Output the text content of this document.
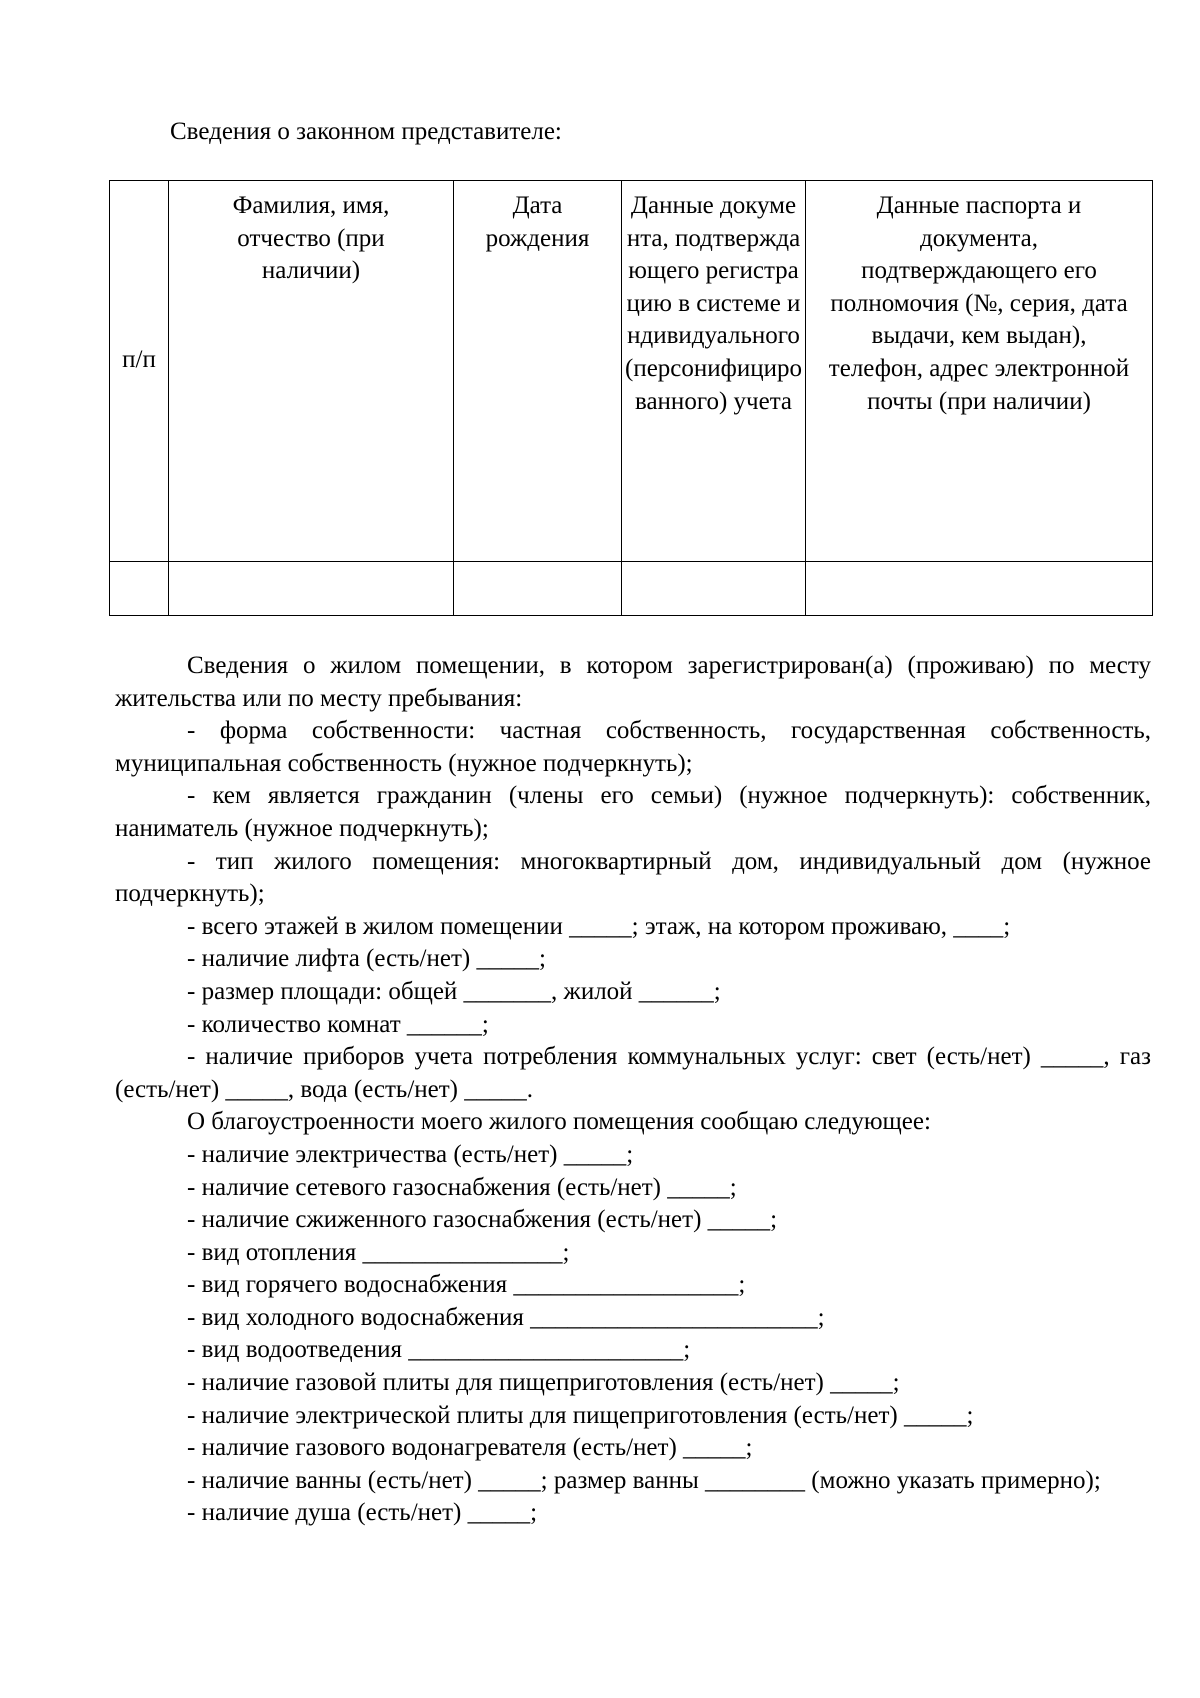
Сведения о законном представителе:
п/п	Фамилия, имя, отчество (при наличии)	Дата рождения	Данные документа, подтверждающего регистрацию в системе индивидуального (персонифицированного) учета	Данные паспорта и документа, подтверждающего его полномочия (№, серия, дата выдачи, кем выдан), телефон, адрес электронной почты (при наличии)

Сведения о жилом помещении, в котором зарегистрирован(а) (проживаю) по месту жительства или по месту пребывания:

- форма собственности: частная собственность, государственная собственность, муниципальная собственность (нужное подчеркнуть);

- кем является гражданин (члены его семьи) (нужное подчеркнуть): собственник, наниматель (нужное подчеркнуть);

- тип жилого помещения: многоквартирный дом, индивидуальный дом (нужное подчеркнуть);

- всего этажей в жилом помещении _____; этаж, на котором проживаю, ____;

- наличие лифта (есть/нет) _____;

- размер площади: общей _______, жилой ______;

- количество комнат ______;

- наличие приборов учета потребления коммунальных услуг: свет (есть/нет) _____, газ (есть/нет) _____, вода (есть/нет) _____.

О благоустроенности моего жилого помещения сообщаю следующее:

- наличие электричества (есть/нет) _____;

- наличие сетевого газоснабжения (есть/нет) _____;

- наличие сжиженного газоснабжения (есть/нет) _____;

- вид отопления ________________;

- вид горячего водоснабжения __________________;

- вид холодного водоснабжения _______________________;

- вид водоотведения ______________________;

- наличие газовой плиты для пищеприготовления (есть/нет) _____;

- наличие электрической плиты для пищеприготовления (есть/нет) _____;

- наличие газового водонагревателя (есть/нет) _____;

- наличие ванны (есть/нет) _____; размер ванны ________ (можно указать примерно);

- наличие душа (есть/нет) _____;
